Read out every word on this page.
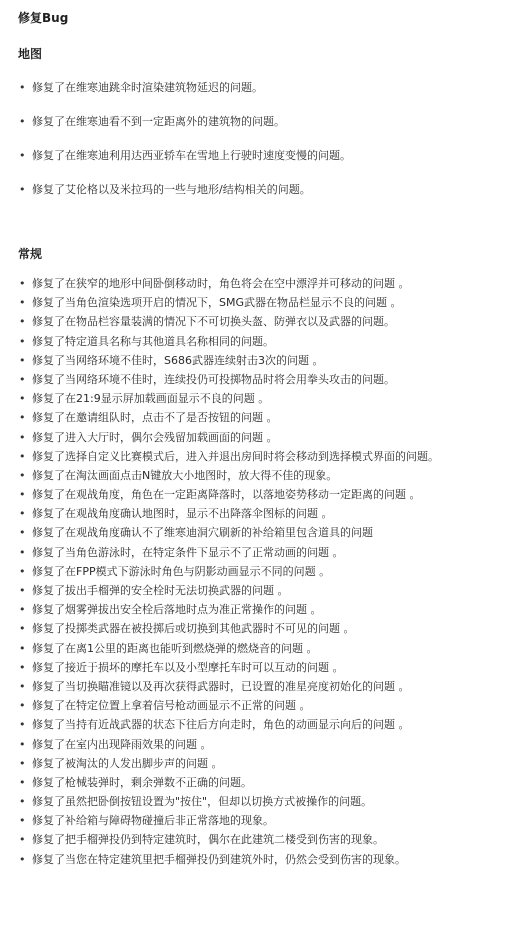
修复Bug
地图
• 修复了在维寒迪跳伞时渲染建筑物延迟的问题。
• 修复了在维寒迪看不到一定距离外的建筑物的问题。
• 修复了在维寒迪利用达西亚轿车在雪地上行驶时速度变慢的问题。
• 修复了艾伦格以及米拉玛的一些与地形/结构相关的问题。
常规
• 修复了在狭窄的地形中间卧倒移动时，角色将会在空中漂浮并可移动的问题 。
• 修复了当角色渲染选项开启的情况下，SMG武器在物品栏显示不良的问题 。
• 修复了在物品栏容量装满的情况下不可切换头盔、防弹衣以及武器的问题。
• 修复了特定道具名称与其他道具名称相同的问题。
• 修复了当网络环境不佳时，S686武器连续射击3次的问题 。
• 修复了当网络环境不佳时，连续投仍可投掷物品时将会用拳头攻击的问题。
• 修复了在21:9显示屏加载画面显示不良的问题 。
• 修复了在邀请组队时，点击不了是否按钮的问题 。
• 修复了进入大厅时，偶尔会残留加载画面的问题 。
• 修复了选择自定义比赛模式后，进入并退出房间时将会移动到选择模式界面的问题。
• 修复了在淘汰画面点击N键放大小地图时，放大得不佳的现象。
• 修复了在观战角度，角色在一定距离降落时，以落地姿势移动一定距离的问题 。
• 修复了在观战角度确认地图时，显示不出降落伞图标的问题 。
• 修复了在观战角度确认不了维寒迪洞穴刷新的补给箱里包含道具的问题
• 修复了当角色游泳时，在特定条件下显示不了正常动画的问题 。
• 修复了在FPP模式下游泳时角色与阴影动画显示不同的问题 。
• 修复了拔出手榴弹的安全栓时无法切换武器的问题 。
• 修复了烟雾弹拔出安全栓后落地时点为准正常操作的问题 。
• 修复了投掷类武器在被投掷后或切换到其他武器时不可见的问题 。
• 修复了在离1公里的距离也能听到燃烧弹的燃烧音的问题 。
• 修复了接近于损坏的摩托车以及小型摩托车时可以互动的问题 。
• 修复了当切换瞄准镜以及再次获得武器时，已设置的准星亮度初始化的问题 。
• 修复了在特定位置上拿着信号枪动画显示不正常的问题 。
• 修复了当持有近战武器的状态下往后方向走时，角色的动画显示向后的问题 。
• 修复了在室内出现降雨效果的问题 。
• 修复了被淘汰的人发出脚步声的问题 。
• 修复了枪械装弹时，剩余弹数不正确的问题。
• 修复了虽然把卧倒按钮设置为"按住"，但却以切换方式被操作的问题。
• 修复了补给箱与障碍物碰撞后非正常落地的现象。
• 修复了把手榴弹投仍到特定建筑时，偶尔在此建筑二楼受到伤害的现象。
• 修复了当您在特定建筑里把手榴弹投仍到建筑外时，仍然会受到伤害的现象。
